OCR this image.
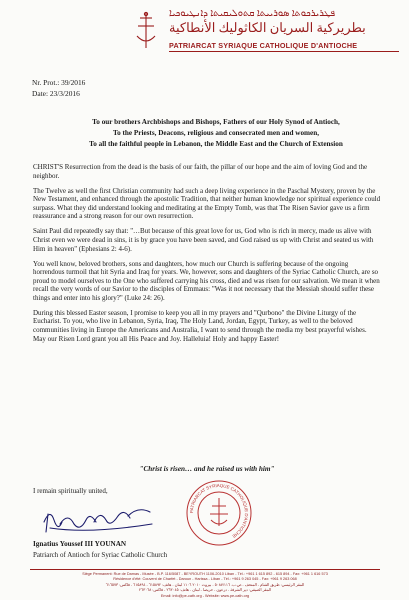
ܦܛܪܝܪܟܘܬܐ ܣܘܪܝܝܬܐ ܩܬܘܠܝܩܝܬܐ ܕܐܢܛܝܘܟܝܐ
بطريركية السريان الكاثوليك الأنطاكية
PATRIARCAT SYRIAQUE CATHOLIQUE D'ANTIOCHE
Nr. Prot.: 39/2016
Date: 23/3/2016
To our brothers Archbishops and Bishops, Fathers of our Holy Synod of Antioch,
To the Priests, Deacons, religious and consecrated men and women,
To all the faithful people in Lebanon, the Middle East and the Church of Extension

CHRIST'S Resurrection from the dead is the basis of our faith, the pillar of our hope and the aim of loving God and the neighbor.

The Twelve as well the first Christian community had such a deep living experience in the Paschal Mystery, proven by the New Testament, and enhanced through the apostolic Tradition, that neither human knowledge nor spiritual experience could surpass. What they did understand looking and meditating at the Empty Tomb, was that The Risen Savior gave us a firm reassurance and a strong reason for our own resurrection.

Saint Paul did repeatedly say that: "…But because of this great love for us, God who is rich in mercy, made us alive with Christ even we were dead in sins, it is by grace you have been saved, and God raised us up with Christ and seated us with Him in heaven" (Ephesians 2: 4-6).

You well know, beloved brothers, sons and daughters, how much our Church is suffering because of the ongoing horrendous turmoil that hit Syria and Iraq for years. We, however, sons and daughters of the Syriac Catholic Church, are so proud to model ourselves to the One who suffered carrying his cross, died and was risen for our salvation. We mean it when recall the very words of our Savior to the disciples of Emmaus: "Was it not necessary that the Messiah should suffer these things and enter into his glory?" (Luke 24: 26).

During this blessed Easter season, I promise to keep you all in my prayers and "Qurbono" the Divine Liturgy of the Eucharist. To you, who live in Lebanon, Syria, Iraq, The Holy Land, Jordan, Egypt, Turkey, as well to the beloved communities living in Europe the Americans and Australia, I want to send through the media my best prayerful wishes. May our Risen Lord grant you all His Peace and Joy. Halleluia! Holy and happy Easter!

"Christ is risen… and he raised us with him"
I remain spiritually united,
PATRIARCAT SYRIAQUE CATHOLIQUE D'ANTIOCHE
Ignatius Youssef III YOUNAN
Patriarch of Antioch for Syriac Catholic Church
Siège Permanent: Rue de Damas - Musée - B.P. 116/5087 - BEYROUTH 1106-2010 Liban - Tél.: +961 1 615 892 - 615 894 - Fax: +961 1 616 573
Résidence d'été: Couvent de Charfet - Daroun - Harissa - Liban - Tél.: +961 9 263 045 - Fax: +961 9 263 068
المقر الرئيسي: طريق الشام - المتحف - ص.ب. ٥٠٨٧/١١٦ - بيروت ٢٠١٠ ١١٠٦ لبنان - هاتف: ٦١٥٨٩٢ - ٦١٥٨٩٤ - فاكس: ٦١٦٥٧٣
المقر الصيفي: دير الشرفة - درعون - حريصا - لبنان - هاتف: ٢٦٣٠٤٥ - فاكس: ٢٦٣٠٦٨
Email: info@pe-cath.org - Website: www.pe-cath.org
